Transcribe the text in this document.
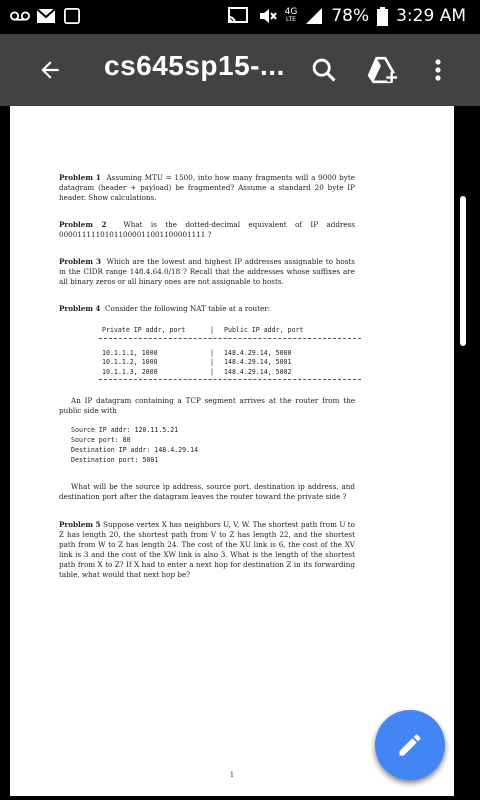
4G
LTE 78% 3:29 AM
cs645sp15-...
Problem 1 Assuming MTU = 1500, into how many fragments will a 9000 byte datagram (header + payload) be fragmented? Assume a standard 20 byte IP header. Show calculations.
Problem 2 What is the dotted-decimal equivalent of IP address 00001111101011000011001100001111 ?
Problem 3 Which are the lowest and highest IP addresses assignable to hosts in the CIDR range 148.4.64.0/18 ? Recall that the addresses whose suffixes are all binary zeros or all binary ones are not assignable to hosts.
Problem 4 Consider the following NAT table at a router:
Private IP addr, port	|	Public IP addr, port
10.1.1.1, 1000	|	148.4.29.14, 5000
10.1.1.2, 1000	|	148.4.29.14, 5001
10.1.1.3, 2000	|	148.4.29.14, 5002
An IP datagram containing a TCP segment arrives at the router from the public side with
Source IP addr: 120.11.5.21
Source port: 80
Destination IP addr: 148.4.29.14
Destination port: 5001
What will be the source ip address, source port, destination ip address, and destination port after the datagram leaves the router toward the private side ?
Problem 5 Suppose vertex X has neighbors U, V, W. The shortest path from U to Z has length 20, the shortest path from V to Z has length 22, and the shortest path from W to Z has length 24. The cost of the XU link is 6, the cost of the XV link is 3 and the cost of the XW link is also 3. What is the length of the shortest path from X to Z? If X had to enter a next hop for destination Z in its forwarding table, what would that next hop be?
1
